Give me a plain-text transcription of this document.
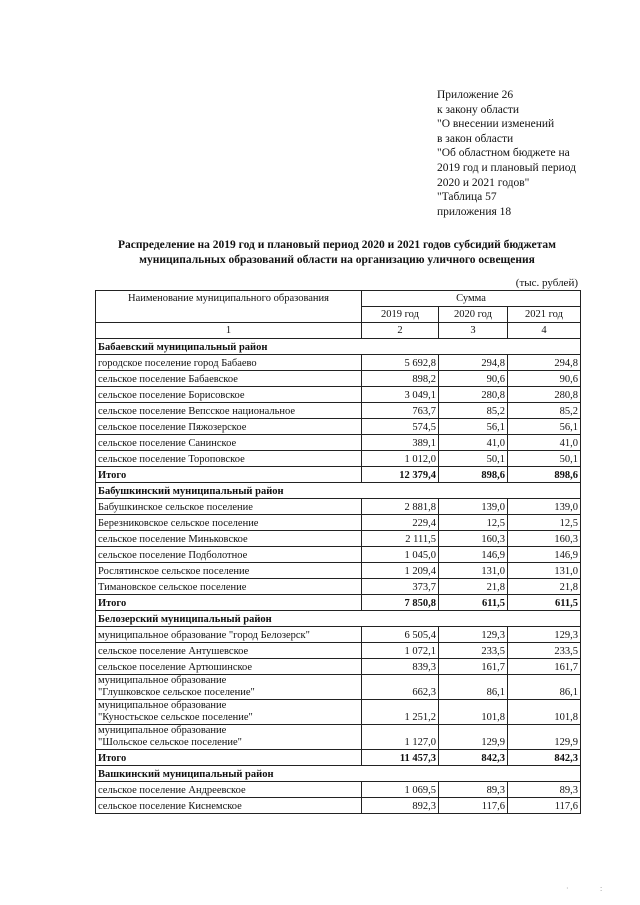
Приложение 26
к закону области
"О внесении изменений
в закон области
"Об областном бюджете на
2019 год и плановый период
2020 и 2021 годов"
"Таблица 57
приложения 18
Распределение на 2019 год и плановый период 2020 и 2021 годов субсидий бюджетам
муниципальных образований области на организацию уличного освещения
(тыс. рублей)
Наименование муниципального образования	Сумма		
	2019 год	2020 год	2021 год
1	2	3	4
Бабаевский муниципальный район			
городское поселение город Бабаево	5 692,8	294,8	294,8
сельское поселение Бабаевское	898,2	90,6	90,6
сельское поселение Борисовское	3 049,1	280,8	280,8
сельское поселение Вепсское национальное	763,7	85,2	85,2
сельское поселение Пяжозерское	574,5	56,1	56,1
сельское поселение Санинское	389,1	41,0	41,0
сельское поселение Тороповское	1 012,0	50,1	50,1
Итого	12 379,4	898,6	898,6
Бабушкинский муниципальный район			
Бабушкинское сельское поселение	2 881,8	139,0	139,0
Березниковское сельское поселение	229,4	12,5	12,5
сельское поселение Миньковское	2 111,5	160,3	160,3
сельское поселение Подболотное	1 045,0	146,9	146,9
Рослятинское сельское поселение	1 209,4	131,0	131,0
Тимановское сельское поселение	373,7	21,8	21,8
Итого	7 850,8	611,5	611,5
Белозерский муниципальный район			
муниципальное образование "город Белозерск"	6 505,4	129,3	129,3
сельское поселение Антушевское	1 072,1	233,5	233,5
сельское поселение Артюшинское	839,3	161,7	161,7

муниципальное образование
"Глушковское сельское поселение"	662,3	86,1	86,1

муниципальное образование
"Куностьское сельское поселение"	1 251,2	101,8	101,8

муниципальное образование
"Шольское сельское поселение"	1 127,0	129,9	129,9
Итого	11 457,3	842,3	842,3
Вашкинский муниципальный район			
сельское поселение Андреевское	1 069,5	89,3	89,3
сельское поселение Киснемское	892,3	117,6	117,6
·	:
